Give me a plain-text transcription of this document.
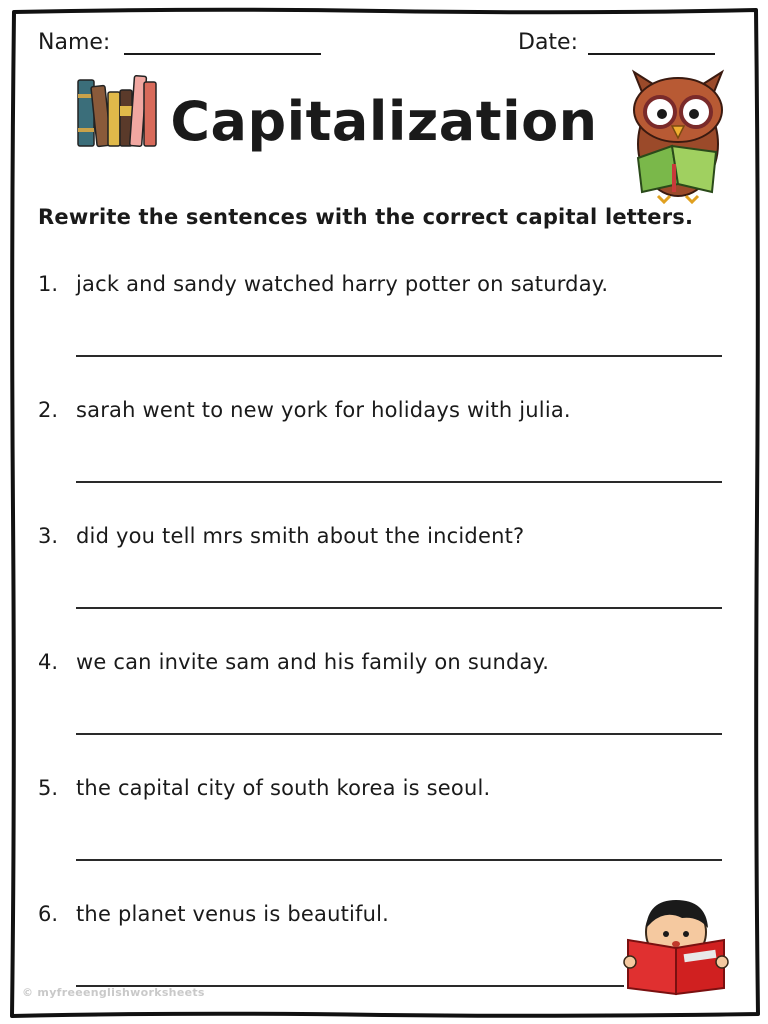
Name:	Date:
Capitalization
Rewrite the sentences with the correct capital letters.
1. jack and sandy watched harry potter on saturday.
2. sarah went to new york for holidays with julia.
3. did you tell mrs smith about the incident?
4. we can invite sam and his family on sunday.
5. the capital city of south korea is seoul.
6. the planet venus is beautiful.
© myfreeenglishworksheets
